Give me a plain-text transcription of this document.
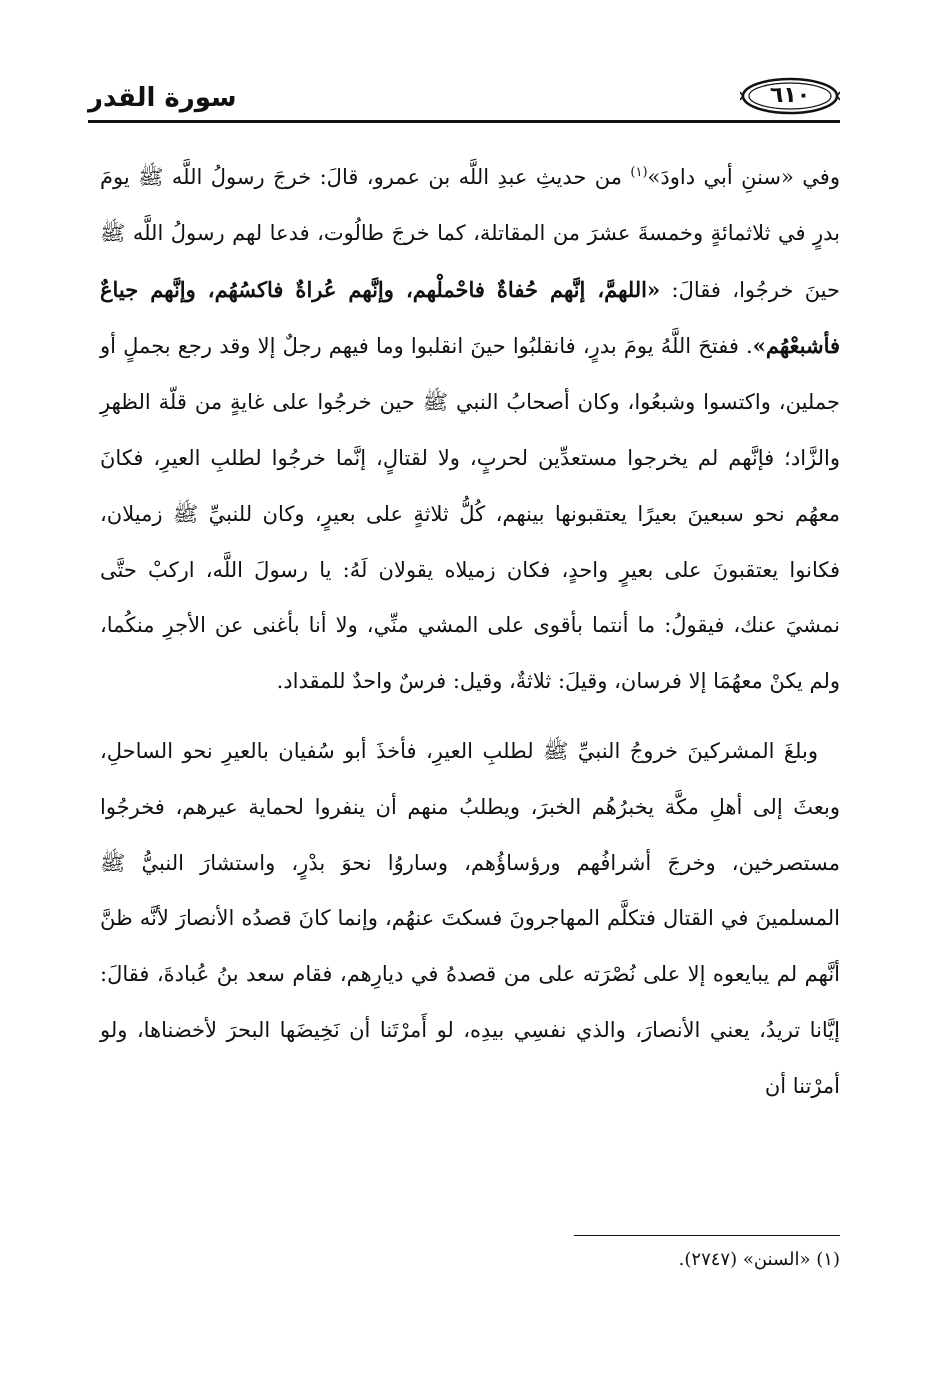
سورة القدر	٦١٠

وفي «سننِ أبي داودَ»$^{(١)}$ من حديثِ عبدِ اللَّه بن عمرو، قالَ: خرجَ رسولُ اللَّه ﷺ يومَ بدرٍ في ثلاثمائةٍ وخمسةَ عشرَ من المقاتلة، كما خرجَ طالُوت، فدعا لهم رسولُ اللَّه ﷺ حينَ خرجُوا، فقالَ: «اللهمَّ، إنَّهم حُفاةٌ فاحْملْهم، وإنَّهم عُراةٌ فاكسُهُم، وإنَّهم جياعٌ فأشبعْهُم». ففتحَ اللَّهُ يومَ بدرٍ، فانقلبُوا حينَ انقلبوا وما فيهم رجلٌ إلا وقد رجع بجملٍ أو جملين، واكتسوا وشبعُوا، وكان أصحابُ النبي ﷺ حين خرجُوا على غايةٍ من قلّة الظهرِ والزَّاد؛ فإنَّهم لم يخرجوا مستعدِّين لحربٍ، ولا لقتالٍ، إنَّما خرجُوا لطلبِ العيرِ، فكانَ معهُم نحو سبعينَ بعيرًا يعتقبونها بينهم، كُلُّ ثلاثةٍ على بعيرٍ، وكان للنبيِّ ﷺ زميلان، فكانوا يعتقبونَ على بعيرٍ واحدٍ، فكان زميلاه يقولان لَهُ: يا رسولَ اللَّه، اركبْ حتَّى نمشيَ عنك، فيقولُ: ما أنتما بأقوى على المشي منِّي، ولا أنا بأغنى عن الأجرِ منكُما، ولم يكنْ معهُمَا إلا فرسان، وقيلَ: ثلاثةٌ، وقيل: فرسٌ واحدٌ للمقداد.

وبلغَ المشركينَ خروجُ النبيِّ ﷺ لطلبِ العيرِ، فأخذَ أبو سُفيان بالعيرِ نحو الساحلِ، وبعثَ إلى أهلِ مكَّة يخبرُهُم الخبرَ، ويطلبُ منهم أن ينفروا لحماية عيرهم، فخرجُوا مستصرخين، وخرجَ أشرافُهم ورؤساؤُهم، وساروُا نحوَ بدْرٍ، واستشارَ النبيُّ ﷺ المسلمينَ في القتال فتكلَّم المهاجرونَ فسكتَ عنهُم، وإنما كانَ قصدُه الأنصارَ لأنَّه ظنَّ أنَّهم لم يبايعوه إلا على نُصْرَته على من قصدهُ في ديارِهم، فقام سعد بنُ عُبادةَ، فقالَ: إيَّانا تريدُ، يعني الأنصارَ، والذي نفسِي بيدِه، لو أَمرْتَنا أن نَخِيضَها البحرَ لأخضناها، ولو أمرْتنا أن

(١) «السنن» (٢٧٤٧).
